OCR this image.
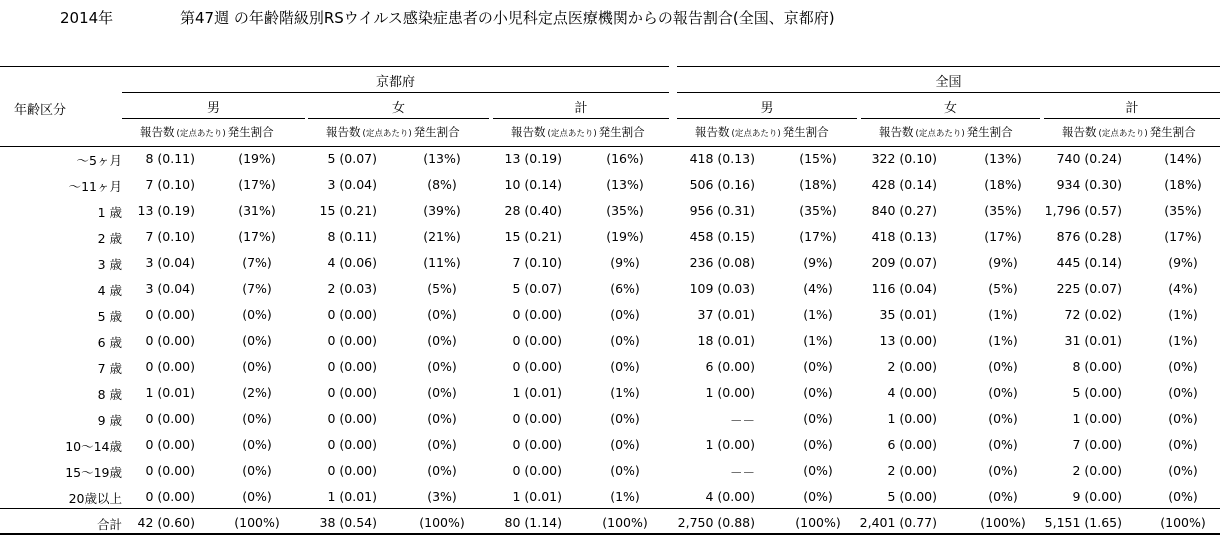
2014年	第47週 の年齢階級別RSウイルス感染症患者の小児科定点医療機関からの報告割合(全国、京都府)
年齢区分
京都府	全国
男
報告数 (定点あたり) 発生割合
女
報告数 (定点あたり) 発生割合
計
報告数 (定点あたり) 発生割合
男
報告数 (定点あたり) 発生割合
女
報告数 (定点あたり) 発生割合
計
報告数 (定点あたり) 発生割合
～5ヶ月	8 (0.11)	(19%)	5 (0.07)	(13%)	13 (0.19)	(16%)	418 (0.13)	(15%)	322 (0.10)	(13%)	740 (0.24)	(14%)
～11ヶ月	7 (0.10)	(17%)	3 (0.04)	(8%)	10 (0.14)	(13%)	506 (0.16)	(18%)	428 (0.14)	(18%)	934 (0.30)	(18%)
1 歳	13 (0.19)	(31%)	15 (0.21)	(39%)	28 (0.40)	(35%)	956 (0.31)	(35%)	840 (0.27)	(35%)	1,796 (0.57)	(35%)
2 歳	7 (0.10)	(17%)	8 (0.11)	(21%)	15 (0.21)	(19%)	458 (0.15)	(17%)	418 (0.13)	(17%)	876 (0.28)	(17%)
3 歳	3 (0.04)	(7%)	4 (0.06)	(11%)	7 (0.10)	(9%)	236 (0.08)	(9%)	209 (0.07)	(9%)	445 (0.14)	(9%)
4 歳	3 (0.04)	(7%)	2 (0.03)	(5%)	5 (0.07)	(6%)	109 (0.03)	(4%)	116 (0.04)	(5%)	225 (0.07)	(4%)
5 歳	0 (0.00)	(0%)	0 (0.00)	(0%)	0 (0.00)	(0%)	37 (0.01)	(1%)	35 (0.01)	(1%)	72 (0.02)	(1%)
6 歳	0 (0.00)	(0%)	0 (0.00)	(0%)	0 (0.00)	(0%)	18 (0.01)	(1%)	13 (0.00)	(1%)	31 (0.01)	(1%)
7 歳	0 (0.00)	(0%)	0 (0.00)	(0%)	0 (0.00)	(0%)	6 (0.00)	(0%)	2 (0.00)	(0%)	8 (0.00)	(0%)
8 歳	1 (0.01)	(2%)	0 (0.00)	(0%)	1 (0.01)	(1%)	1 (0.00)	(0%)	4 (0.00)	(0%)	5 (0.00)	(0%)
9 歳	0 (0.00)	(0%)	0 (0.00)	(0%)	0 (0.00)	(0%)	－－	(0%)	1 (0.00)	(0%)	1 (0.00)	(0%)
10～14歳	0 (0.00)	(0%)	0 (0.00)	(0%)	0 (0.00)	(0%)	1 (0.00)	(0%)	6 (0.00)	(0%)	7 (0.00)	(0%)
15～19歳	0 (0.00)	(0%)	0 (0.00)	(0%)	0 (0.00)	(0%)	－－	(0%)	2 (0.00)	(0%)	2 (0.00)	(0%)
20歳以上	0 (0.00)	(0%)	1 (0.01)	(3%)	1 (0.01)	(1%)	4 (0.00)	(0%)	5 (0.00)	(0%)	9 (0.00)	(0%)
合計	42 (0.60)	(100%)	38 (0.54)	(100%)	80 (1.14)	(100%)	2,750 (0.88)	(100%)	2,401 (0.77)	(100%)	5,151 (1.65)	(100%)
